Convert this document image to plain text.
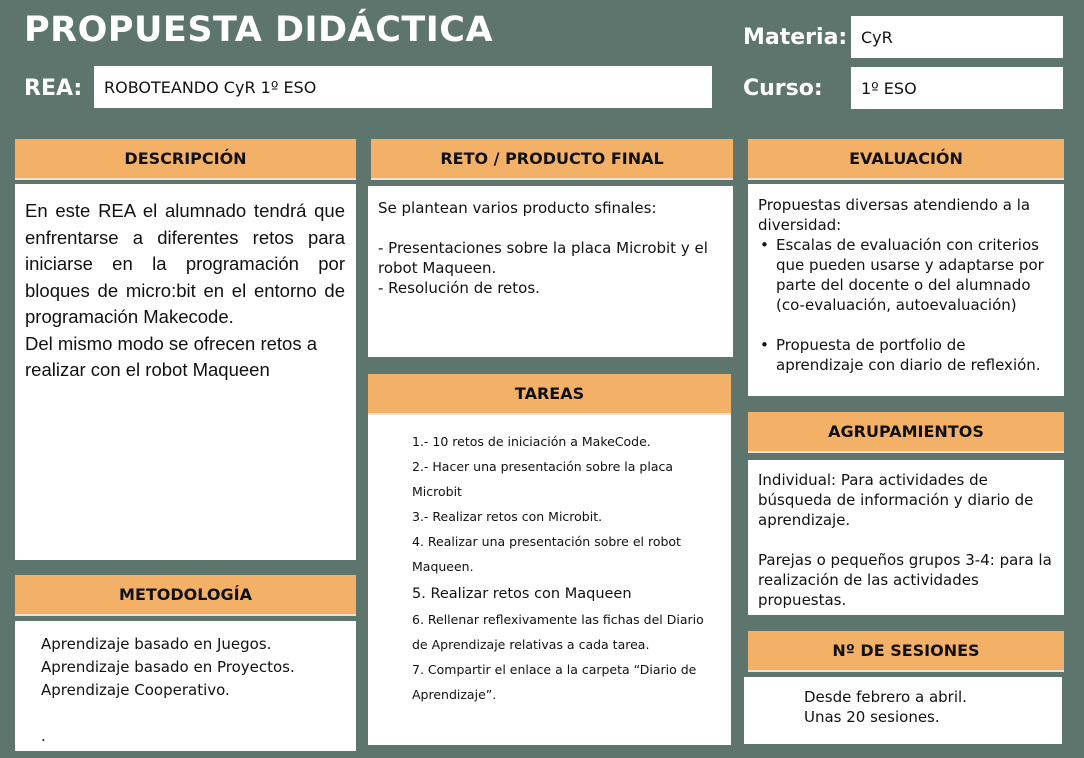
PROPUESTA DIDÁCTICA
REA:	ROBOTEANDO CyR 1º ESO
Materia: CyR
Curso:	1º ESO
DESCRIPCIÓN

En este REA el alumnado tendrá que enfrentarse a diferentes retos para iniciarse en la programación por bloques de micro:bit en el entorno de programación Makecode.

Del mismo modo se ofrecen retos a realizar con el robot Maqueen

METODOLOGÍA
Aprendizaje basado en Juegos.
Aprendizaje basado en Proyectos.
Aprendizaje Cooperativo.
.
RETO / PRODUCTO FINAL
Se plantean varios producto sfinales:
- Presentaciones sobre la placa Microbit y el robot Maqueen.
- Resolución de retos.
TAREAS
1.- 10 retos de iniciación a MakeCode.
2.- Hacer una presentación sobre la placa Microbit
3.- Realizar retos con Microbit.
4. Realizar una presentación sobre el robot Maqueen.
5. Realizar retos con Maqueen
6. Rellenar reflexivamente las fichas del Diario de Aprendizaje relativas a cada tarea.
7. Compartir el enlace a la carpeta “Diario de Aprendizaje”.
EVALUACIÓN
Propuestas diversas atendiendo a la diversidad:
• Escalas de evaluación con criterios que pueden usarse y adaptarse por parte del docente o del alumnado (co-evaluación, autoevaluación)
• Propuesta de portfolio de aprendizaje con diario de reflexión.
AGRUPAMIENTOS
Individual: Para actividades de búsqueda de información y diario de aprendizaje.
Parejas o pequeños grupos 3-4: para la realización de las actividades propuestas.
Nº DE SESIONES
Desde febrero a abril.
Unas 20 sesiones.
